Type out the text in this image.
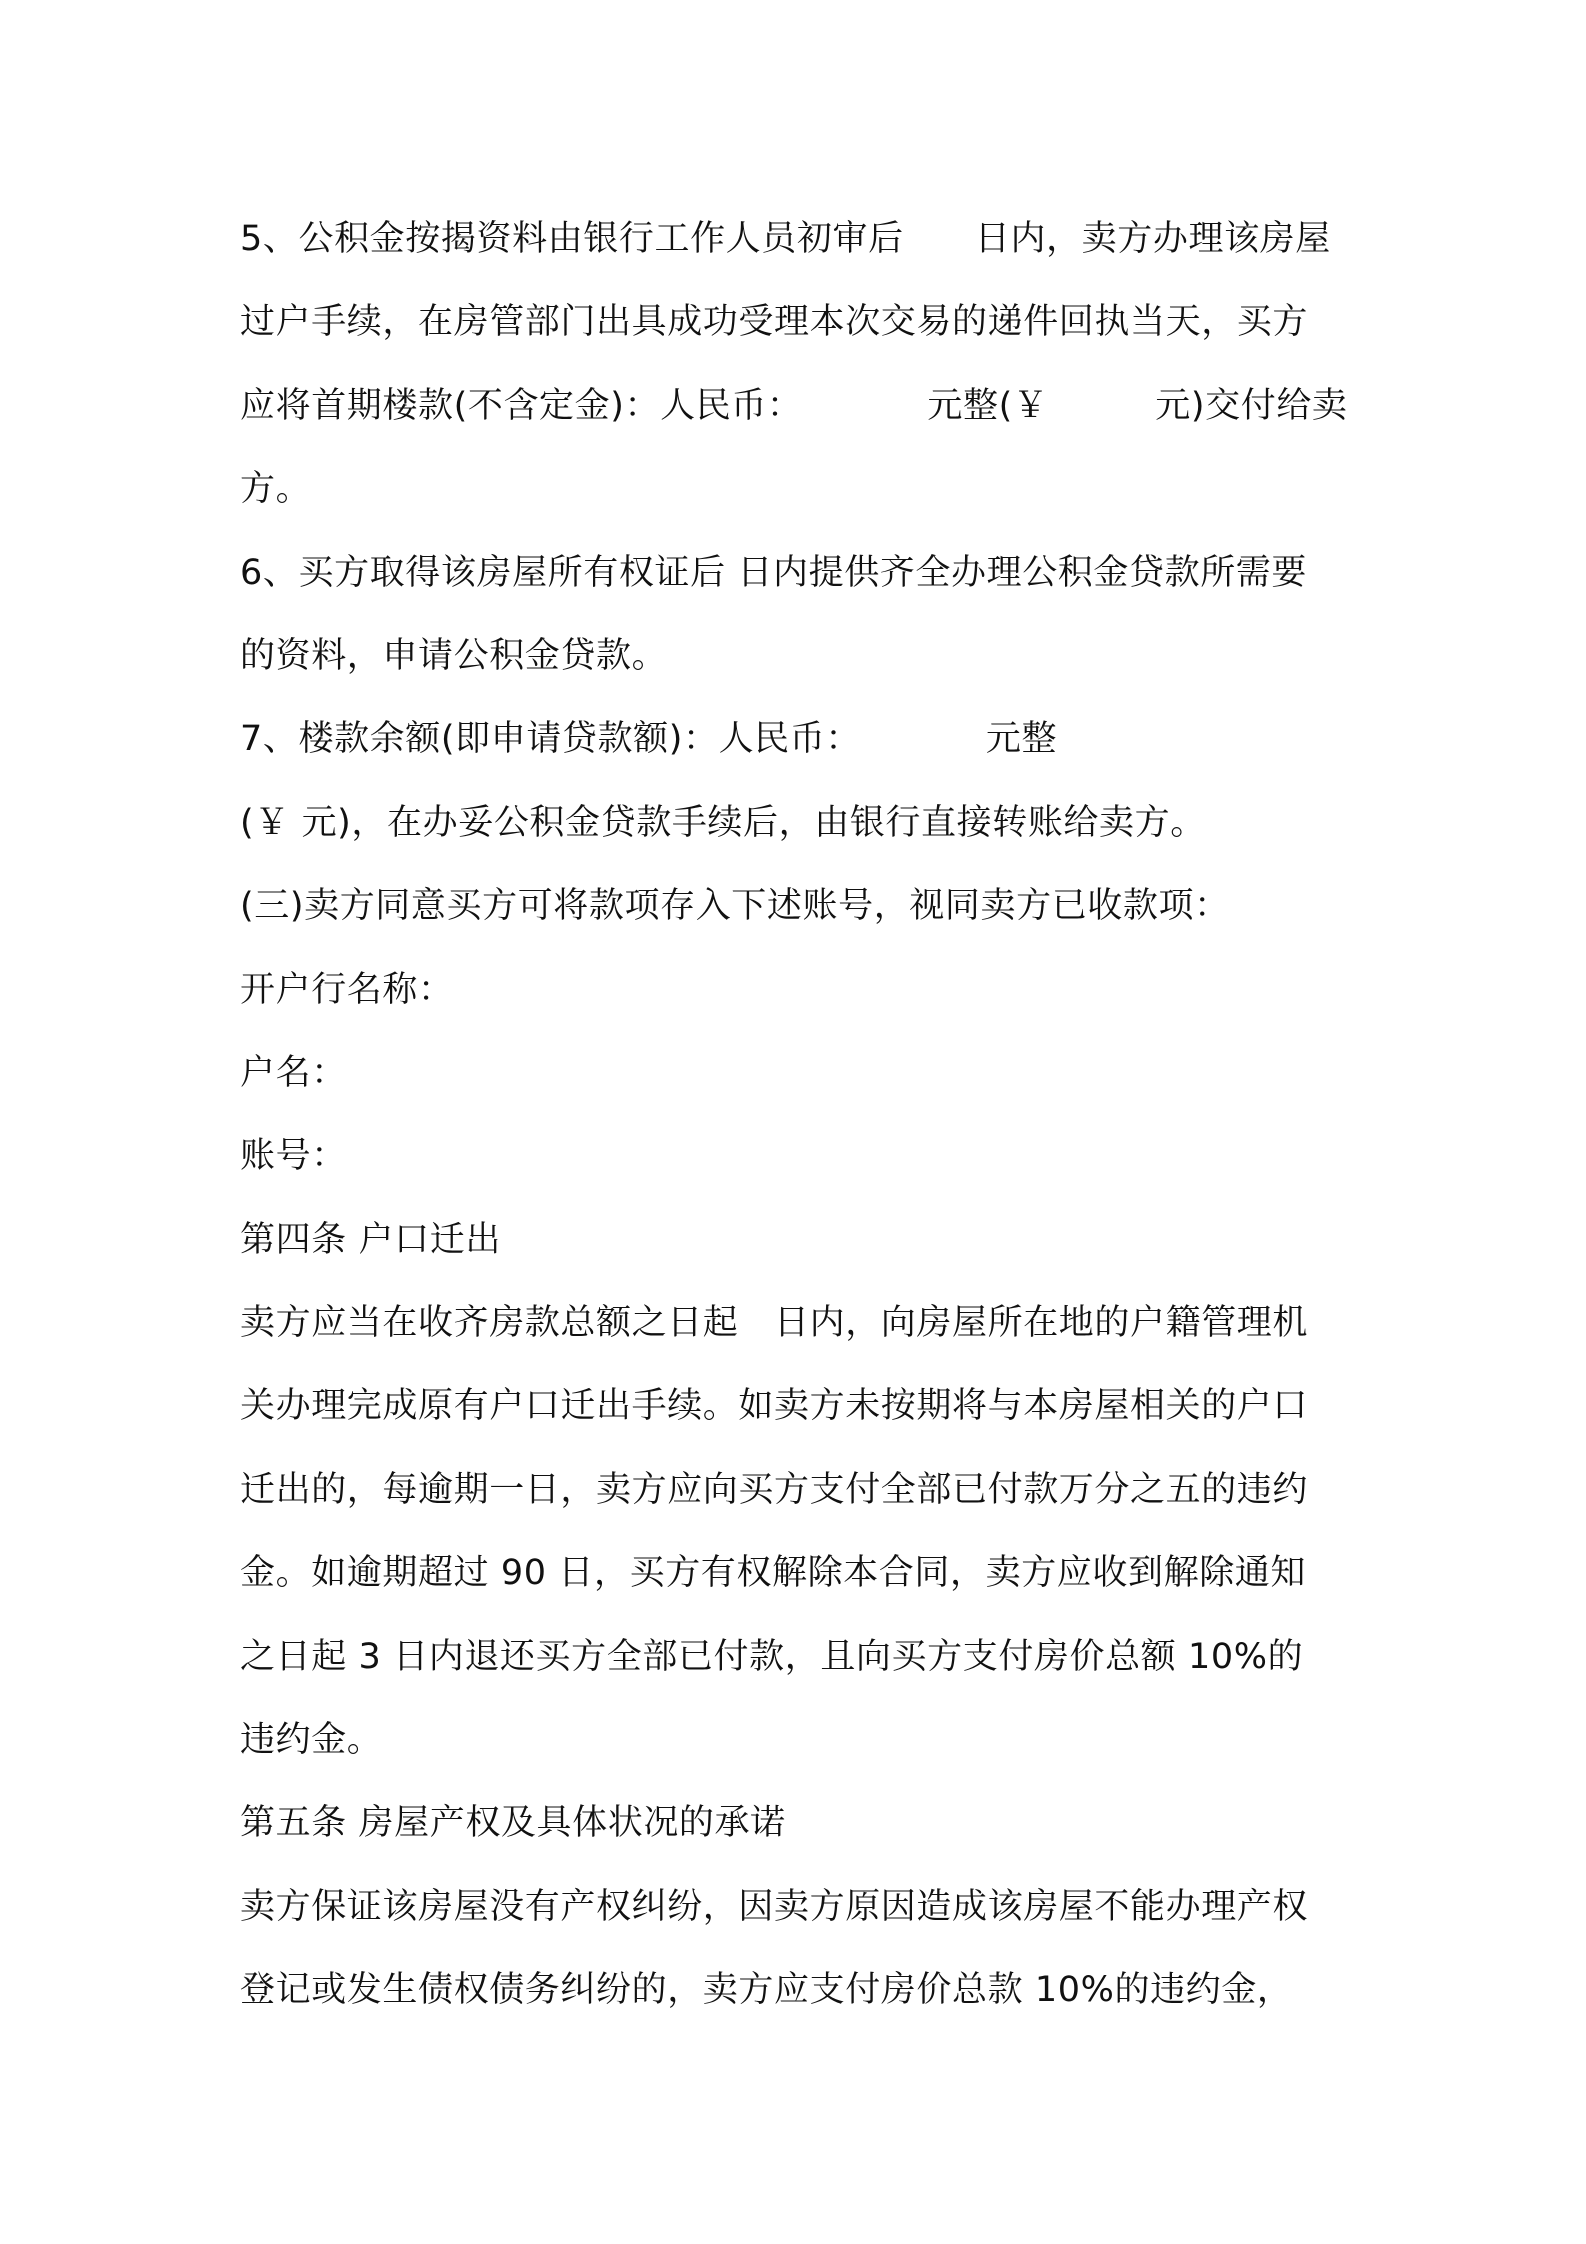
5、公积金按揭资料由银行工作人员初审后　　日内，卖方办理该房屋
过户手续，在房管部门出具成功受理本次交易的递件回执当天，买方
应将首期楼款(不含定金)：人民币：　　　　元整(￥　　　元)交付给卖
方。
6、买方取得该房屋所有权证后 日内提供齐全办理公积金贷款所需要
的资料，申请公积金贷款。
7、楼款余额(即申请贷款额)：人民币：　　　　元整
(￥ 元)，在办妥公积金贷款手续后，由银行直接转账给卖方。
(三)卖方同意买方可将款项存入下述账号，视同卖方已收款项：
开户行名称：
户名：
账号：
第四条 户口迁出
卖方应当在收齐房款总额之日起　日内，向房屋所在地的户籍管理机
关办理完成原有户口迁出手续。如卖方未按期将与本房屋相关的户口
迁出的，每逾期一日，卖方应向买方支付全部已付款万分之五的违约
金。如逾期超过 90 日，买方有权解除本合同，卖方应收到解除通知
之日起 3 日内退还买方全部已付款，且向买方支付房价总额 10%的
违约金。
第五条 房屋产权及具体状况的承诺
卖方保证该房屋没有产权纠纷，因卖方原因造成该房屋不能办理产权
登记或发生债权债务纠纷的，卖方应支付房价总款 10%的违约金，
